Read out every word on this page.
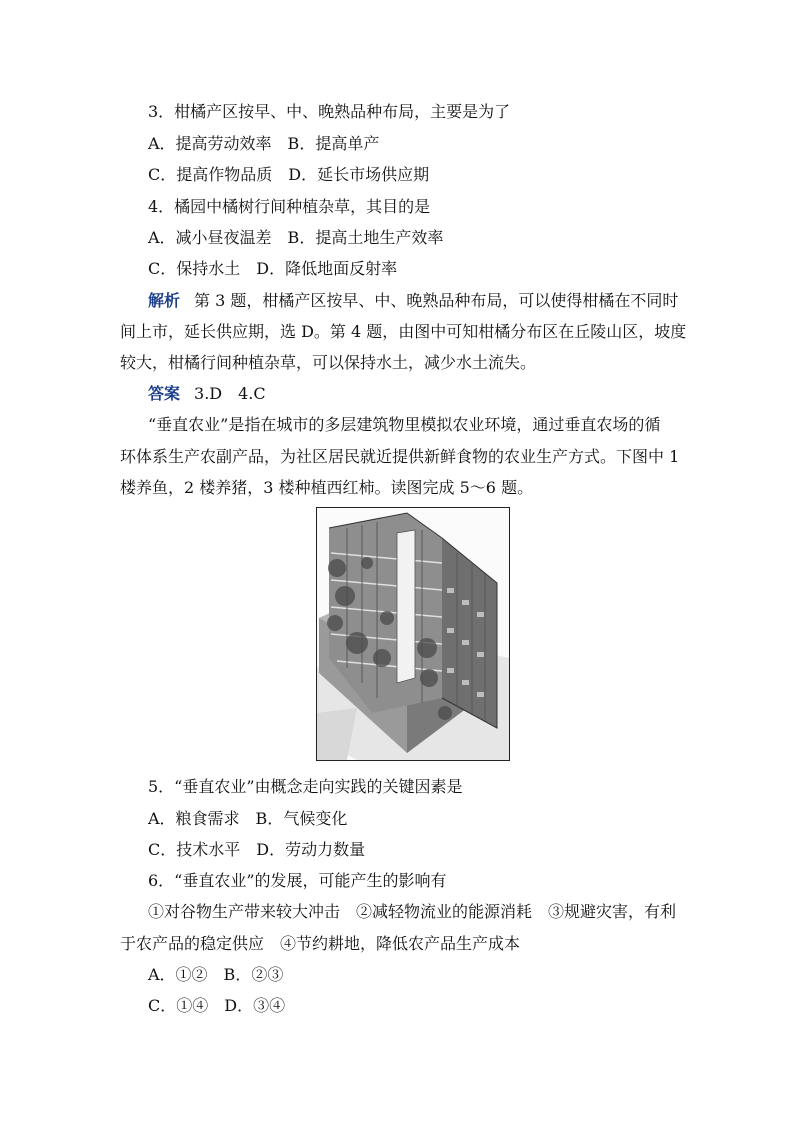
3．柑橘产区按早、中、晚熟品种布局，主要是为了
A．提高劳动效率　B．提高单产
C．提高作物品质　D．延长市场供应期
4．橘园中橘树行间种植杂草，其目的是
A．减小昼夜温差　B．提高土地生产效率
C．保持水土　D．降低地面反射率
解析 第 3 题，柑橘产区按早、中、晚熟品种布局，可以使得柑橘在不同时
间上市，延长供应期，选 D。第 4 题，由图中可知柑橘分布区在丘陵山区，坡度
较大，柑橘行间种植杂草，可以保持水土，减少水土流失。
答案 3.D　4.C
“垂直农业”是指在城市的多层建筑物里模拟农业环境，通过垂直农场的循
环体系生产农副产品，为社区居民就近提供新鲜食物的农业生产方式。下图中 1
楼养鱼，2 楼养猪，3 楼种植西红柿。读图完成 5～6 题。
5．“垂直农业”由概念走向实践的关键因素是
A．粮食需求　B．气候变化
C．技术水平　D．劳动力数量
6．“垂直农业”的发展，可能产生的影响有
①对谷物生产带来较大冲击　②减轻物流业的能源消耗　③规避灾害，有利
于农产品的稳定供应　④节约耕地，降低农产品生产成本
A．①②　B．②③
C．①④　D．③④
